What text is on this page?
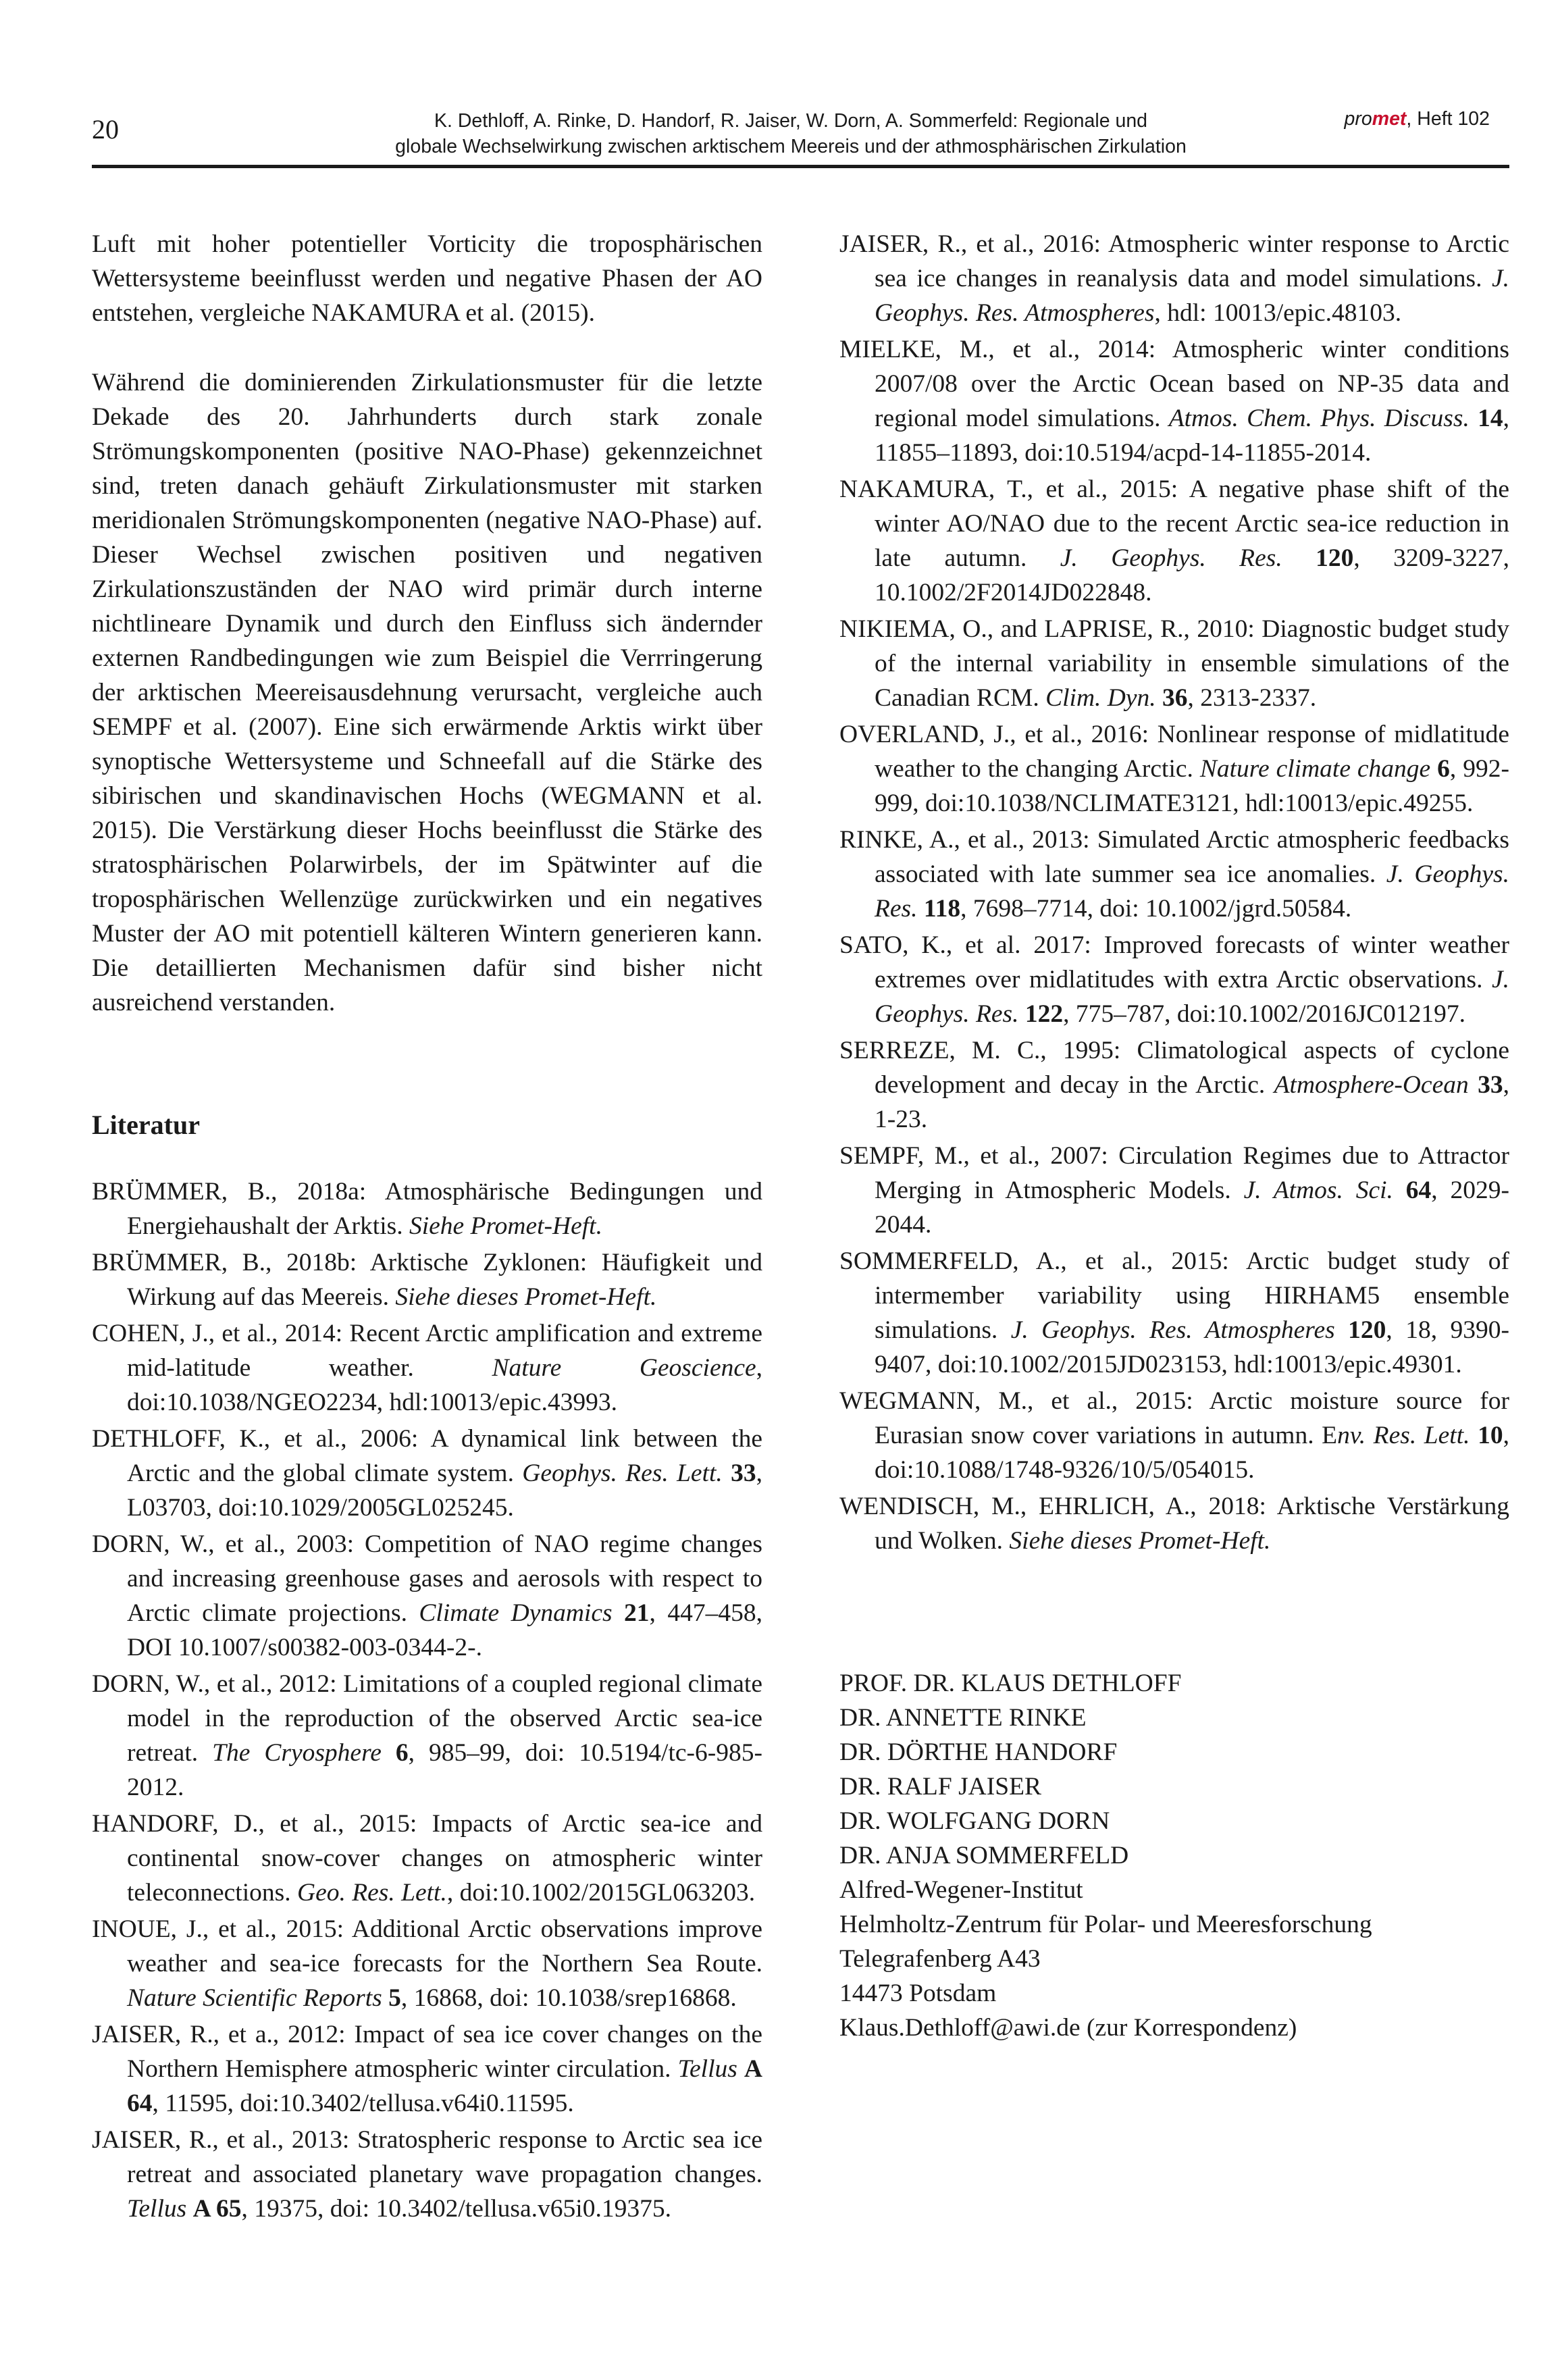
20	K. Dethloff, A. Rinke, D. Handorf, R. Jaiser, W. Dorn, A. Sommerfeld: Regionale und
globale Wechselwirkung zwischen arktischem Meereis und der athmosphärischen Zirkulation
promet, Heft 102

Luft mit hoher potentieller Vorticity die troposphärischen Wettersysteme beeinflusst werden und negative Phasen der AO entstehen, vergleiche NAKAMURA et al. (2015).

Während die dominierenden Zirkulationsmuster für die letzte Dekade des 20. Jahrhunderts durch stark zonale Strömungskomponenten (positive NAO-Phase) gekennzeichnet sind, treten danach gehäuft Zirkulationsmuster mit starken meridionalen Strömungskomponenten (negative NAO-Phase) auf. Dieser Wechsel zwischen positiven und negativen Zirkulationszuständen der NAO wird primär durch interne nichtlineare Dynamik und durch den Einfluss sich ändernder externen Randbedingungen wie zum Beispiel die Verrringerung der arktischen Meereisausdehnung verursacht, vergleiche auch SEMPF et al. (2007). Eine sich erwärmende Arktis wirkt über synoptische Wettersysteme und Schneefall auf die Stärke des sibirischen und skandinavischen Hochs (WEGMANN et al. 2015). Die Verstärkung dieser Hochs beeinflusst die Stärke des stratosphärischen Polarwirbels, der im Spätwinter auf die troposphärischen Wellenzüge zurückwirken und ein negatives Muster der AO mit potentiell kälteren Wintern generieren kann. Die detaillierten Mechanismen dafür sind bisher nicht ausreichend verstanden.

Literatur

BRÜMMER, B., 2018a: Atmosphärische Bedingungen und Energiehaushalt der Arktis. Siehe Promet-Heft.

BRÜMMER, B., 2018b: Arktische Zyklonen: Häufigkeit und Wirkung auf das Meereis. Siehe dieses Promet-Heft.

COHEN, J., et al., 2014: Recent Arctic amplification and extreme mid-latitude weather. Nature Geoscience, doi:10.1038/NGEO2234, hdl:10013/epic.43993.

DETHLOFF, K., et al., 2006: A dynamical link between the Arctic and the global climate system. Geophys. Res. Lett. 33, L03703, doi:10.1029/2005GL025245.

DORN, W., et al., 2003: Competition of NAO regime changes and increasing greenhouse gases and aerosols with respect to Arctic climate projections. Climate Dynamics 21, 447–458, DOI 10.1007/s00382-003-0344-2-.

DORN, W., et al., 2012: Limitations of a coupled regional climate model in the reproduction of the observed Arctic sea-ice retreat. The Cryosphere 6, 985–99, doi: 10.5194/tc-6-985-2012.

HANDORF, D., et al., 2015: Impacts of Arctic sea-ice and continental snow-cover changes on atmospheric winter teleconnections. Geo. Res. Lett., doi:10.1002/2015GL063203.

INOUE, J., et al., 2015: Additional Arctic observations improve weather and sea-ice forecasts for the Northern Sea Route. Nature Scientific Reports 5, 16868, doi: 10.1038/srep16868.

JAISER, R., et a., 2012: Impact of sea ice cover changes on the Northern Hemisphere atmospheric winter circulation. Tellus A 64, 11595, doi:10.3402/tellusa.v64i0.11595.

JAISER, R., et al., 2013: Stratospheric response to Arctic sea ice retreat and associated planetary wave propagation changes. Tellus A 65, 19375, doi: 10.3402/tellusa.v65i0.19375.

JAISER, R., et al., 2016: Atmospheric winter response to Arctic sea ice changes in reanalysis data and model simulations. J. Geophys. Res. Atmospheres, hdl: 10013/epic.48103.

MIELKE, M., et al., 2014: Atmospheric winter conditions 2007/08 over the Arctic Ocean based on NP-35 data and regional model simulations. Atmos. Chem. Phys. Discuss. 14, 11855–11893, doi:10.5194/acpd-14-11855-2014.

NAKAMURA, T., et al., 2015: A negative phase shift of the winter AO/NAO due to the recent Arctic sea-ice reduction in late autumn. J. Geophys. Res. 120, 3209-3227, 10.1002/2F2014JD022848.

NIKIEMA, O., and LAPRISE, R., 2010: Diagnostic budget study of the internal variability in ensemble simulations of the Canadian RCM. Clim. Dyn. 36, 2313-2337.

OVERLAND, J., et al., 2016: Nonlinear response of midlatitude weather to the changing Arctic. Nature climate change 6, 992-999, doi:10.1038/NCLIMATE3121, hdl:10013/epic.49255.

RINKE, A., et al., 2013: Simulated Arctic atmospheric feedbacks associated with late summer sea ice anomalies. J. Geophys. Res. 118, 7698–7714, doi: 10.1002/jgrd.50584.

SATO, K., et al. 2017: Improved forecasts of winter weather extremes over midlatitudes with extra Arctic observations. J. Geophys. Res. 122, 775–787, doi:10.1002/2016JC012197.

SERREZE, M. C., 1995: Climatological aspects of cyclone development and decay in the Arctic. Atmosphere-Ocean 33, 1-23.

SEMPF, M., et al., 2007: Circulation Regimes due to Attractor Merging in Atmospheric Models. J. Atmos. Sci. 64, 2029-2044.

SOMMERFELD, A., et al., 2015: Arctic budget study of intermember variability using HIRHAM5 ensemble simulations. J. Geophys. Res. Atmospheres 120, 18, 9390-9407, doi:10.1002/2015JD023153, hdl:10013/epic.49301.

WEGMANN, M., et al., 2015: Arctic moisture source for Eurasian snow cover variations in autumn. Env. Res. Lett. 10, doi:10.1088/1748-9326/10/5/054015.

WENDISCH, M., EHRLICH, A., 2018: Arktische Verstärkung und Wolken. Siehe dieses Promet-Heft.

PROF. DR. KLAUS DETHLOFF
DR. ANNETTE RINKE
DR. DÖRTHE HANDORF
DR. RALF JAISER
DR. WOLFGANG DORN
DR. ANJA SOMMERFELD
Alfred-Wegener-Institut
Helmholtz-Zentrum für Polar- und Meeresforschung
Telegrafenberg A43
14473 Potsdam
Klaus.Dethloff@awi.de (zur Korrespondenz)
